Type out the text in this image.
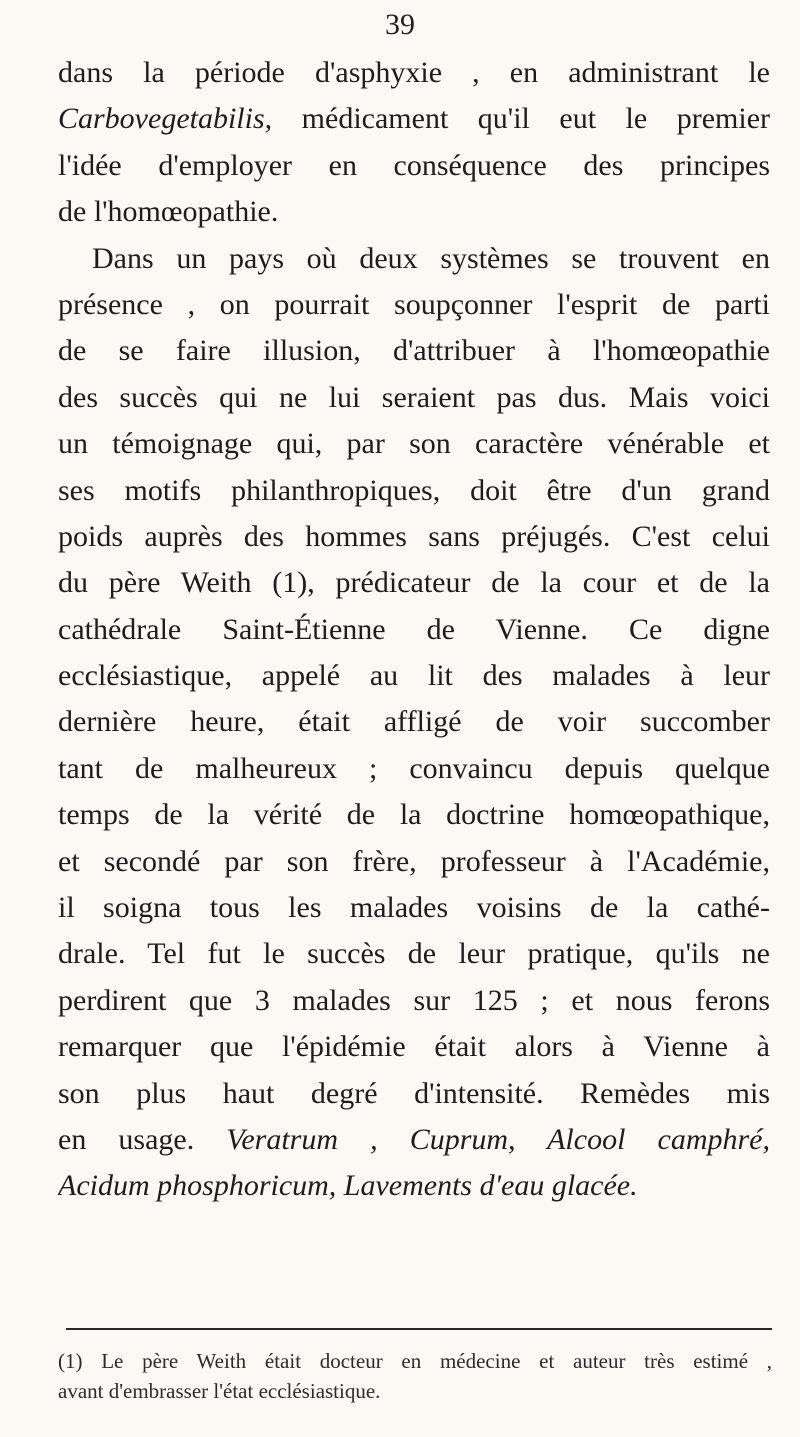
39
dans la période d'asphyxie , en administrant le
Carbovegetabilis, médicament qu'il eut le premier
l'idée d'employer en conséquence des principes
de l'homœopathie.
Dans un pays où deux systèmes se trouvent en
présence , on pourrait soupçonner l'esprit de parti
de se faire illusion, d'attribuer à l'homœopathie
des succès qui ne lui seraient pas dus. Mais voici
un témoignage qui, par son caractère vénérable et
ses motifs philanthropiques, doit être d'un grand
poids auprès des hommes sans préjugés. C'est celui
du père Weith (1), prédicateur de la cour et de la
cathédrale Saint-Étienne de Vienne. Ce digne
ecclésiastique, appelé au lit des malades à leur
dernière heure, était affligé de voir succomber
tant de malheureux ; convaincu depuis quelque
temps de la vérité de la doctrine homœopathique,
et secondé par son frère, professeur à l'Académie,
il soigna tous les malades voisins de la cathé-
drale. Tel fut le succès de leur pratique, qu'ils ne
perdirent que 3 malades sur 125 ; et nous ferons
remarquer que l'épidémie était alors à Vienne à
son plus haut degré d'intensité. Remèdes mis
en usage. Veratrum , Cuprum, Alcool camphré,
Acidum phosphoricum, Lavements d'eau glacée.
(1) Le père Weith était docteur en médecine et auteur très estimé ,
avant d'embrasser l'état ecclésiastique.
